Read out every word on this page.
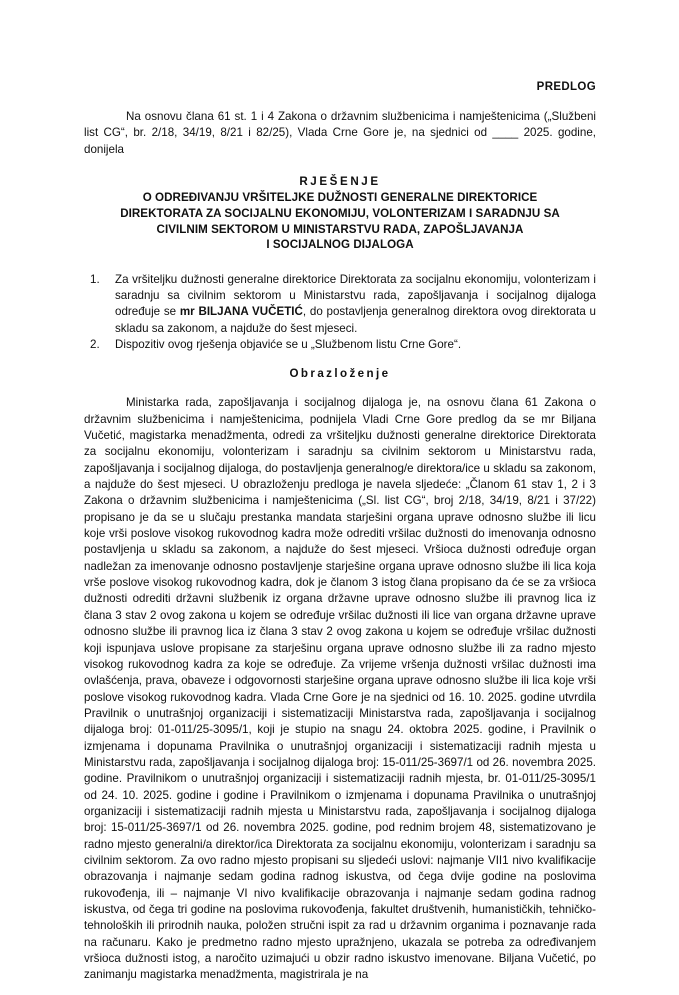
PREDLOG

Na osnovu člana 61 st. 1 i 4 Zakona o državnim službenicima i namještenicima („Službeni list CG“, br. 2/18, 34/19, 8/21 i 82/25), Vlada Crne Gore je, na sjednici od ____ 2025. godine, donijela

RJEŠENJE
O ODREĐIVANJU VRŠITELJKE DUŽNOSTI GENERALNE DIREKTORICE
DIREKTORATA ZA SOCIJALNU EKONOMIJU, VOLONTERIZAM I SARADNJU SA
CIVILNIM SEKTOROM U MINISTARSTVU RADA, ZAPOŠLJAVANJA
I SOCIJALNOG DIJALOGA
1.	Za vršiteljku dužnosti generalne direktorice Direktorata za socijalnu ekonomiju, volonterizam i saradnju sa civilnim sektorom u Ministarstvu rada, zapošljavanja i socijalnog dijaloga određuje se mr BILJANA VUČETIĆ, do postavljenja generalnog direktora ovog direktorata u skladu sa zakonom, a najduže do šest mjeseci.
2.	Dispozitiv ovog rješenja objaviće se u „Službenom listu Crne Gore“.
Obrazloženje

Ministarka rada, zapošljavanja i socijalnog dijaloga je, na osnovu člana 61 Zakona o državnim službenicima i namještenicima, podnijela Vladi Crne Gore predlog da se mr Biljana Vučetić, magistarka menadžmenta, odredi za vršiteljku dužnosti generalne direktorice Direktorata za socijalnu ekonomiju, volonterizam i saradnju sa civilnim sektorom u Ministarstvu rada, zapošljavanja i socijalnog dijaloga, do postavljenja generalnog/e direktora/ice u skladu sa zakonom, a najduže do šest mjeseci. U obrazloženju predloga je navela sljedeće: „Članom 61 stav 1, 2 i 3 Zakona o državnim službenicima i namještenicima („Sl. list CG“, broj 2/18, 34/19, 8/21 i 37/22) propisano je da se u slučaju prestanka mandata starješini organa uprave odnosno službe ili licu koje vrši poslove visokog rukovodnog kadra može odrediti vršilac dužnosti do imenovanja odnosno postavljenja u skladu sa zakonom, a najduže do šest mjeseci. Vršioca dužnosti određuje organ nadležan za imenovanje odnosno postavljenje starješine organa uprave odnosno službe ili lica koja vrše poslove visokog rukovodnog kadra, dok je članom 3 istog člana propisano da će se za vršioca dužnosti odrediti državni službenik iz organa državne uprave odnosno službe ili pravnog lica iz člana 3 stav 2 ovog zakona u kojem se određuje vršilac dužnosti ili lice van organa državne uprave odnosno službe ili pravnog lica iz člana 3 stav 2 ovog zakona u kojem se određuje vršilac dužnosti koji ispunjava uslove propisane za starješinu organa uprave odnosno službe ili za radno mjesto visokog rukovodnog kadra za koje se određuje. Za vrijeme vršenja dužnosti vršilac dužnosti ima ovlašćenja, prava, obaveze i odgovornosti starješine organa uprave odnosno službe ili lica koje vrši poslove visokog rukovodnog kadra. Vlada Crne Gore je na sjednici od 16. 10. 2025. godine utvrdila Pravilnik o unutrašnjoj organizaciji i sistematizaciji Ministarstva rada, zapošljavanja i socijalnog dijaloga broj: 01-011/25-3095/1, koji je stupio na snagu 24. oktobra 2025. godine, i Pravilnik o izmjenama i dopunama Pravilnika o unutrašnjoj organizaciji i sistematizaciji radnih mjesta u Ministarstvu rada, zapošljavanja i socijalnog dijaloga broj: 15-011/25-3697/1 od 26. novembra 2025. godine. Pravilnikom o unutrašnjoj organizaciji i sistematizaciji radnih mjesta, br. 01-011/25-3095/1 od 24. 10. 2025. godine i godine i Pravilnikom o izmjenama i dopunama Pravilnika o unutrašnjoj organizaciji i sistematizaciji radnih mjesta u Ministarstvu rada, zapošljavanja i socijalnog dijaloga broj: 15-011/25-3697/1 od 26. novembra 2025. godine, pod rednim brojem 48, sistematizovano je radno mjesto generalni/a direktor/ica Direktorata za socijalnu ekonomiju, volonterizam i saradnju sa civilnim sektorom. Za ovo radno mjesto propisani su sljedeći uslovi: najmanje VII1 nivo kvalifikacije obrazovanja i najmanje sedam godina radnog iskustva, od čega dvije godine na poslovima rukovođenja, ili – najmanje VI nivo kvalifikacije obrazovanja i najmanje sedam godina radnog iskustva, od čega tri godine na poslovima rukovođenja, fakultet društvenih, humanističkih, tehničko-tehnoloških ili prirodnih nauka, položen stručni ispit za rad u državnim organima i poznavanje rada na računaru. Kako je predmetno radno mjesto upražnjeno, ukazala se potreba za određivanjem vršioca dužnosti istog, a naročito uzimajući u obzir radno iskustvo imenovane. Biljana Vučetić, po zanimanju magistarka menadžmenta, magistrirala je na
